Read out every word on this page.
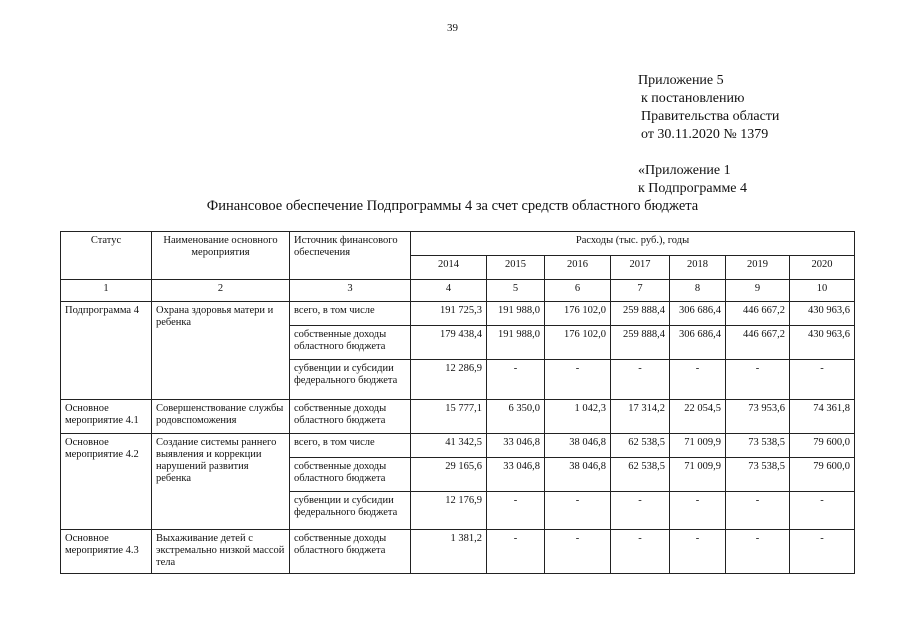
39
Приложение 5
к постановлению
Правительства области
от 30.11.2020 № 1379
«Приложение 1
к Подпрограмме 4
Финансовое обеспечение Подпрограммы 4 за счет средств областного бюджета
Статус	Наименование основного мероприятия	Источник финансового обеспечения	Расходы (тыс. руб.), годы						
			2014	2015	2016	2017	2018	2019	2020
1	2	3	4	5	6	7	8	9	10
Подпрограмма 4	Охрана здоровья матери и ребенка	всего, в том числе	191 725,3	191 988,0	176 102,0	259 888,4	306 686,4	446 667,2	430 963,6
		собственные доходы областного бюджета	179 438,4	191 988,0	176 102,0	259 888,4	306 686,4	446 667,2	430 963,6
		субвенции и субсидии федерального бюджета	12 286,9	-	-	-	-	-	-
Основное мероприятие 4.1	Совершенствование службы родовспоможения	собственные доходы областного бюджета	15 777,1	6 350,0	1 042,3	17 314,2	22 054,5	73 953,6	74 361,8
Основное мероприятие 4.2	Создание системы раннего выявления и коррекции нарушений развития ребенка	всего, в том числе	41 342,5	33 046,8	38 046,8	62 538,5	71 009,9	73 538,5	79 600,0
		собственные доходы областного бюджета	29 165,6	33 046,8	38 046,8	62 538,5	71 009,9	73 538,5	79 600,0
		субвенции и субсидии федерального бюджета	12 176,9	-	-	-	-	-	-
Основное мероприятие 4.3	Выхаживание детей с экстремально низкой массой тела	собственные доходы областного бюджета	1 381,2	-	-	-	-	-	-
